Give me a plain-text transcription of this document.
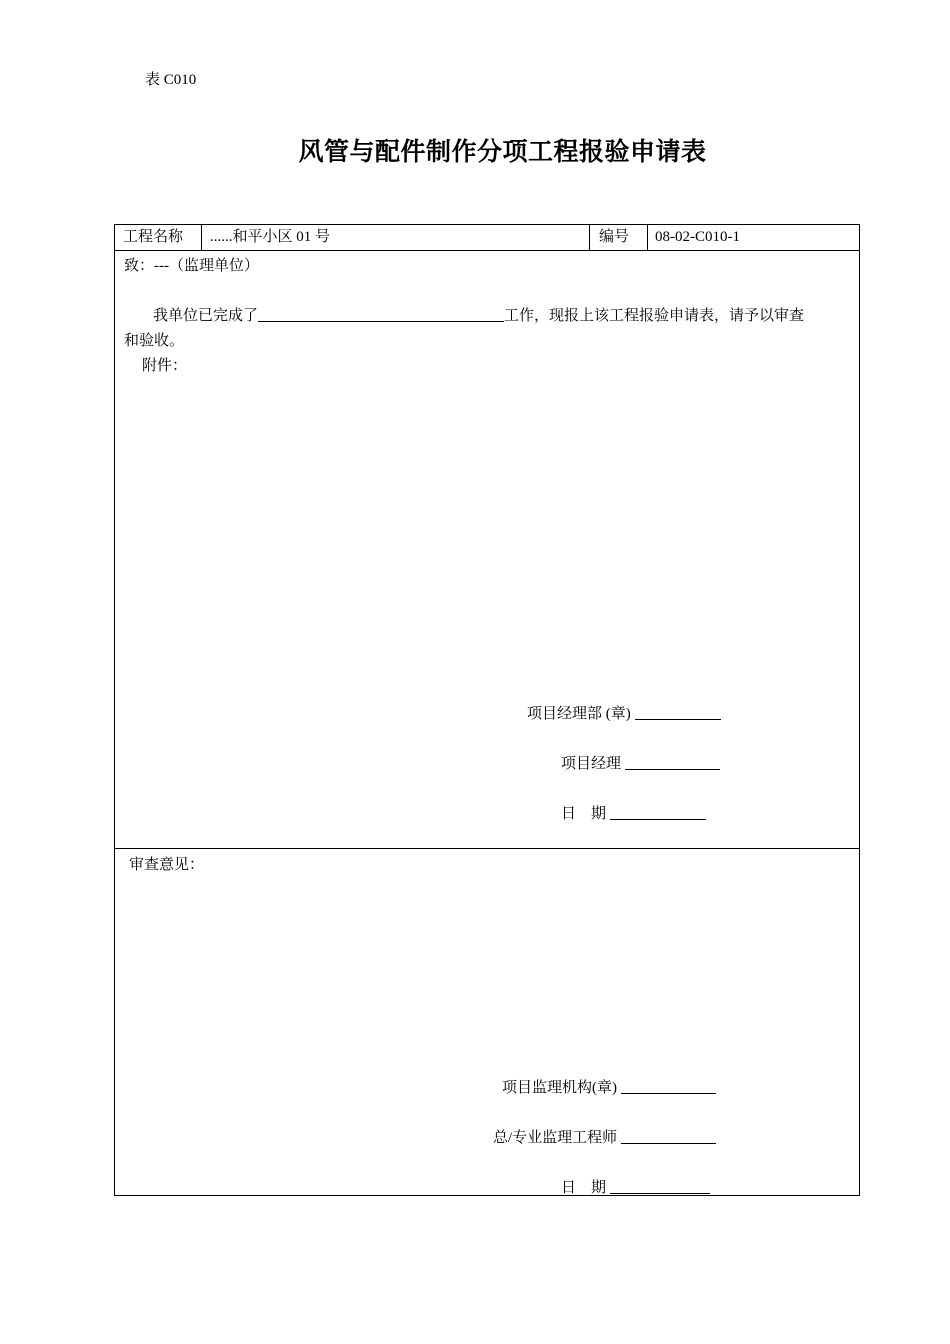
表 C010
风管与配件制作分项工程报验申请表
工程名称	......和平小区 01 号	编号	08-02-C010-1
致：---（监理单位）
我单位已完成了	工作，现报上该工程报验申请表，请予以审查
和验收。
附件：
项目经理部 (章)
项目经理
日　期
审查意见：
项目监理机构(章)
总/专业监理工程师
日　期
